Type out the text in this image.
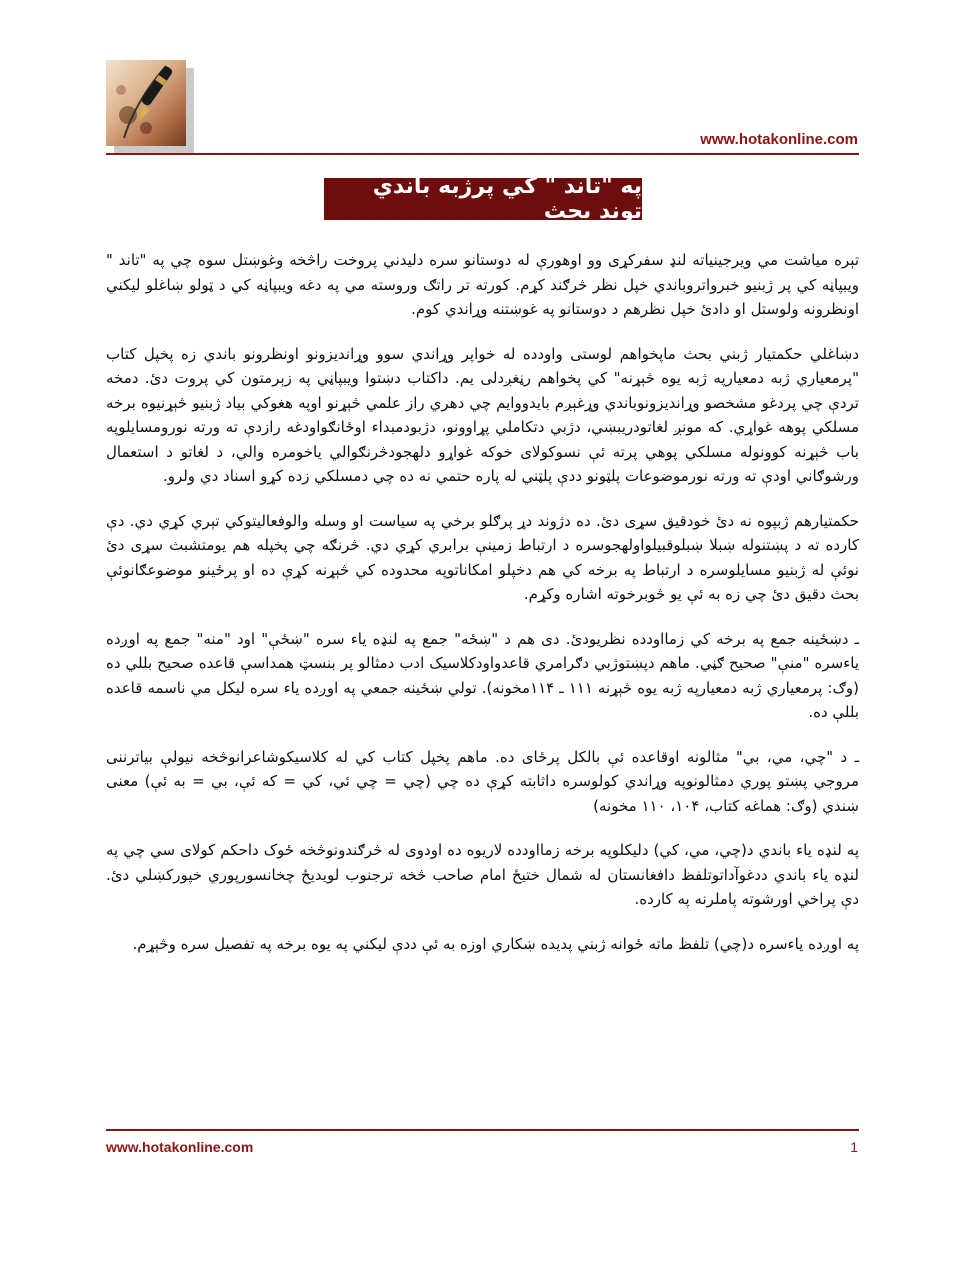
www.hotakonline.com
په "تاند " کي پرژبه باندي توند بحث

تېره میاشت مي ویرجینیاته لنډ سفرکړی وو اوهورې له دوستانو سره دليدني پروخت راڅخه وغوښتل سوه چي په "تاند " ویبپاڼه کي پر ژبنيو خبرواتروباندي خپل نظر څرګند کړم. کورته تر راتګ وروسته مي په دغه ویبپاڼه کي د ټولو ښاغلو ليکني اونظرونه ولوستل او دادئ خپل نظرهم د دوستانو په غوښتنه وړاندي کوم.

دښاغلي حکمتيار ژبني بحث ماپخواهم لوستی واودده له خواپر وړاندي سوو وړاندیزونو اونظرونو باندي زه پخپل کتاب "پرمعیاري ژبه دمعیارپه ژبه یوه څېړنه" کي پخواهم رڼغږدلی یم. داکتاب دښتوا ویبپاڼي په زېرمتون کي پروت دئ. دمخه تردې چي پردغو مشخصو وړاندیزونوباندي وړغېږم بایدووایم چي دهري راز علمي څېړنو اوپه هغوکي بیاد ژبنيو څېړنيوه برخه مسلکي پوهه غواړي. که مونږ لغاتودریبښي، دژبي دتکاملي پړاوونو، دژبودمبداء اوځانګواودغه رازدې ته ورته نورومسایلوپه باب څېړنه کوونوله مسلکي پوهي پرته ئې نسوکولای خوکه غواړو دلهجودڅرنګوالي یاخومره والي، د لغاتو د استعمال ورشوګاني اودې ته ورته نورموضوعات پلټونو ددې پلټني له پاره حتمي نه ده چي دمسلکي زده کړو اسناد دي ولرو.

حکمتیارهم ژبپوه نه دئ خودقیق سړی دئ. ده دژوند دړ پرګلو برخي په سیاست او وسله والوفعالیتوکي تېري کړي دي. دې کارده ته د پښتنوله ښبلا ښبلوقبیلواولهجوسره د ارتباط زمينې برابري کړي دي. څرنګه چي پخپله هم یومتشبث سړی دئ نوئې له ژبنيو مسایلوسره د ارتباط په برخه کي هم دخپلو امکاناتوپه محدوده کي څېړنه کړې ده او پرځينو موضوعګانوئې بحث دقیق دئ چي زه به ئې یو څوبرخوته اشاره وکړم.

ـ دښځینه جمع په برخه کي زمااودده نظریودئ. دی هم د "ښځه" جمع په لنډه یاء سره "ښځې" اود "منه" جمع په اوږده یاءسره "منې" صحیح ګڼي. ماهم دپښتوژبي دګرامري قاعدواودکلاسیک ادب دمثالو پر بنسټ همداسې قاعده صحیح بللي ده (وګ: پرمعیاري ژبه دمعیارپه ژبه یوه څېړنه ۱۱۱ ـ ۱۱۴مخونه). تولي ښځینه جمعي په اوږده یاء سره لیکل مي ناسمه قاعده بللې ده.

ـ د "چي، مي، بي" مثالونه اوقاعده ئې بالکل پرځای ده. ماهم پخپل کتاب کي له کلاسیکوشاعرانوڅخه نیولې بیاترننی مروجي پښتو پوري دمثالونوپه وړاندي کولوسره داثابته کړې ده چي (چي = چي ئي، کي = که ئې، بي = به ئې) معنی ښندي (وګ: هماغه کتاب، ۱۰۴، ۱۱۰ مخونه)

په لنډه یاء باندي د(چي، مي، کي) دلیکلوپه برخه زمااودده لاریوه ده اودوی له څرګندونوڅخه ځوک داحکم کولای سي چي په لنډه یاء باندي ددغوآداتوتلفظ دافغانستان له شمال ختیځ امام صاحب څخه ترجنوب لویدیځ چخانسورپوري خپورکښلي دئ. دې پراخي اورشوته پاملرنه په کارده.

په اوږده یاءسره د(چي) تلفظ ماته ځوانه ژبني پدیده ښکاري اوزه به ئې ددې لیکني په یوه برخه په تفصیل سره وڅېړم.

www.hotakonline.com	1
